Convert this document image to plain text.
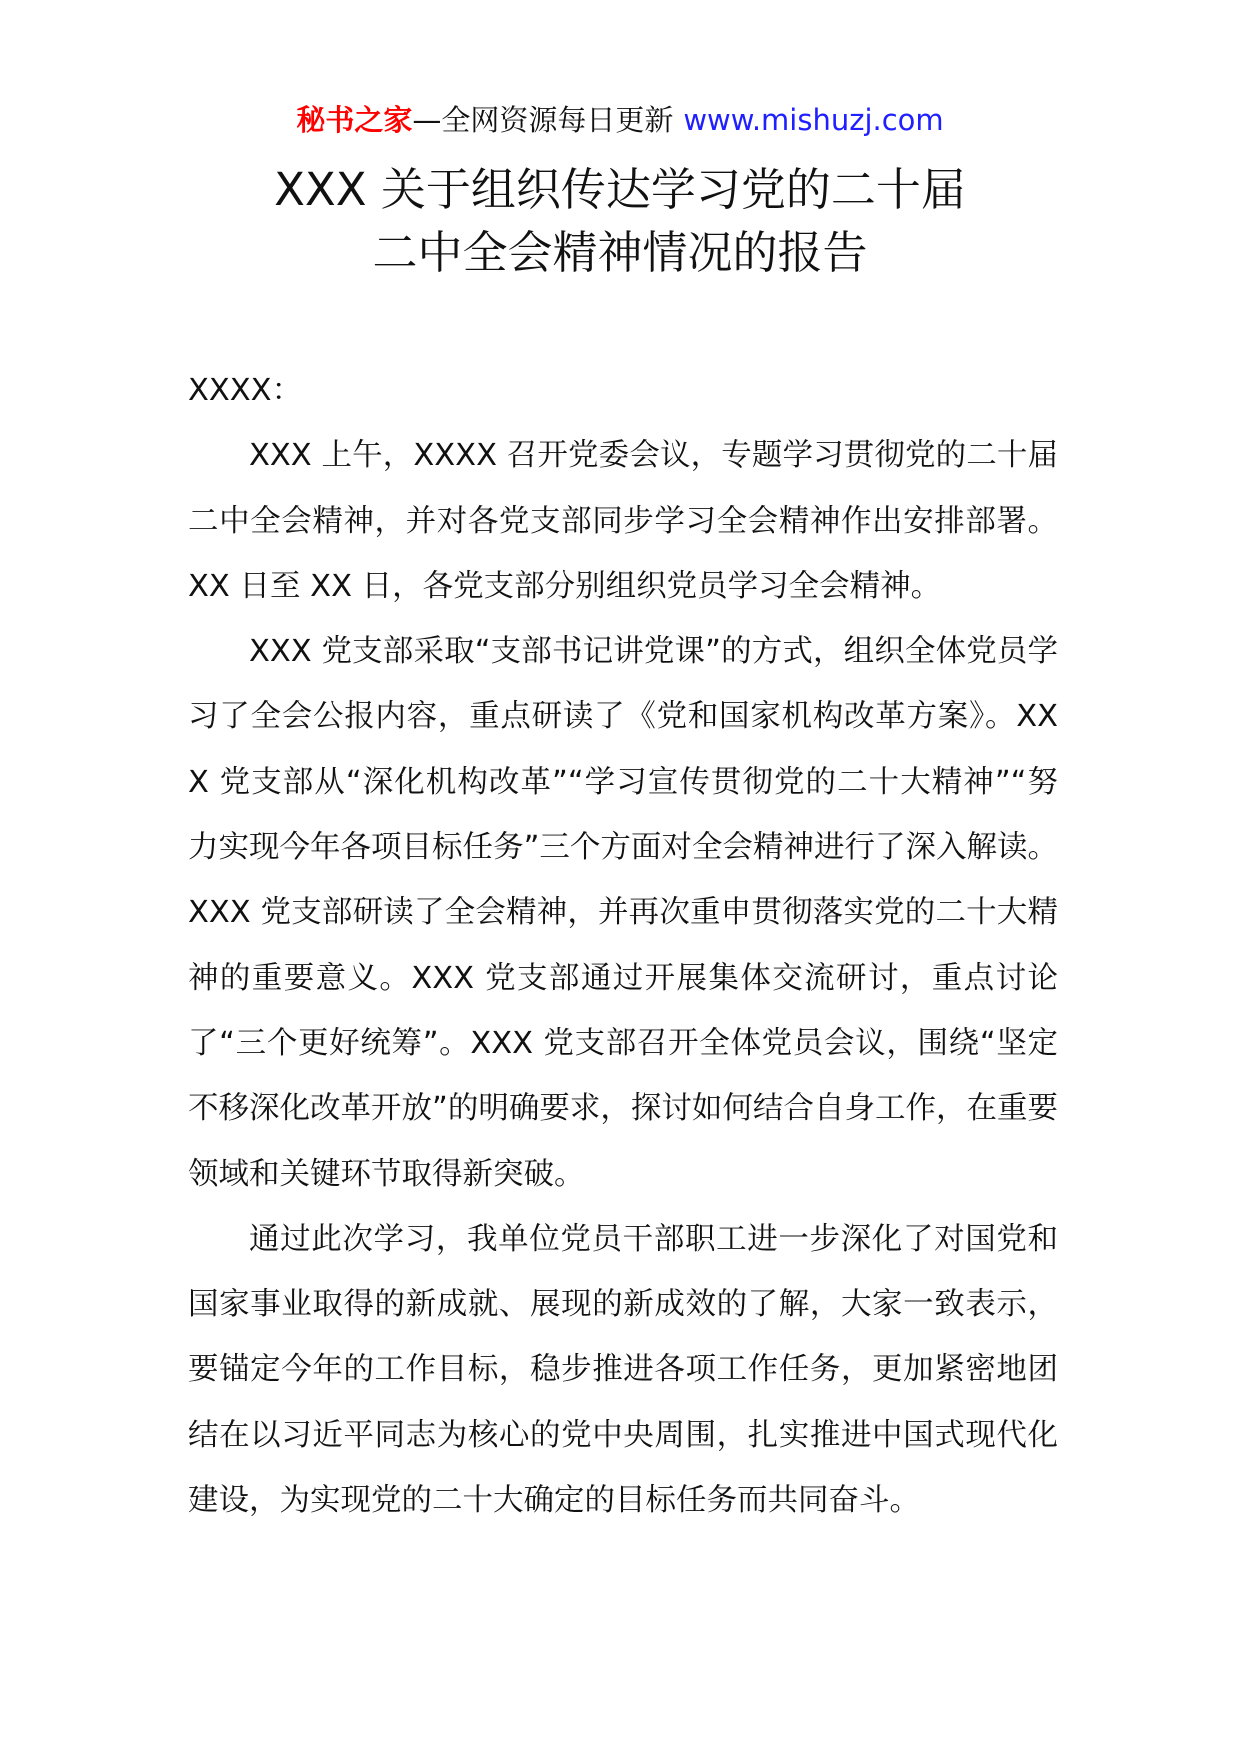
秘书之家—全网资源每日更新 www.mishuzj.com
XXX 关于组织传达学习党的二十届
二中全会精神情况的报告

XXXX：

XXX 上午，XXXX 召开党委会议，专题学习贯彻党的二十届二中全会精神，并对各党支部同步学习全会精神作出安排部署。XX 日至 XX 日，各党支部分别组织党员学习全会精神。

XXX 党支部采取“支部书记讲党课”的方式，组织全体党员学习了全会公报内容，重点研读了《党和国家机构改革方案》。XXX 党支部从“深化机构改革”“学习宣传贯彻党的二十大精神”“努力实现今年各项目标任务”三个方面对全会精神进行了深入解读。XXX 党支部研读了全会精神，并再次重申贯彻落实党的二十大精神的重要意义。XXX 党支部通过开展集体交流研讨，重点讨论了“三个更好统筹”。XXX 党支部召开全体党员会议，围绕“坚定不移深化改革开放”的明确要求，探讨如何结合自身工作，在重要领域和关键环节取得新突破。

通过此次学习，我单位党员干部职工进一步深化了对国党和国家事业取得的新成就、展现的新成效的了解，大家一致表示，要锚定今年的工作目标，稳步推进各项工作任务，更加紧密地团结在以习近平同志为核心的党中央周围，扎实推进中国式现代化建设，为实现党的二十大确定的目标任务而共同奋斗。
